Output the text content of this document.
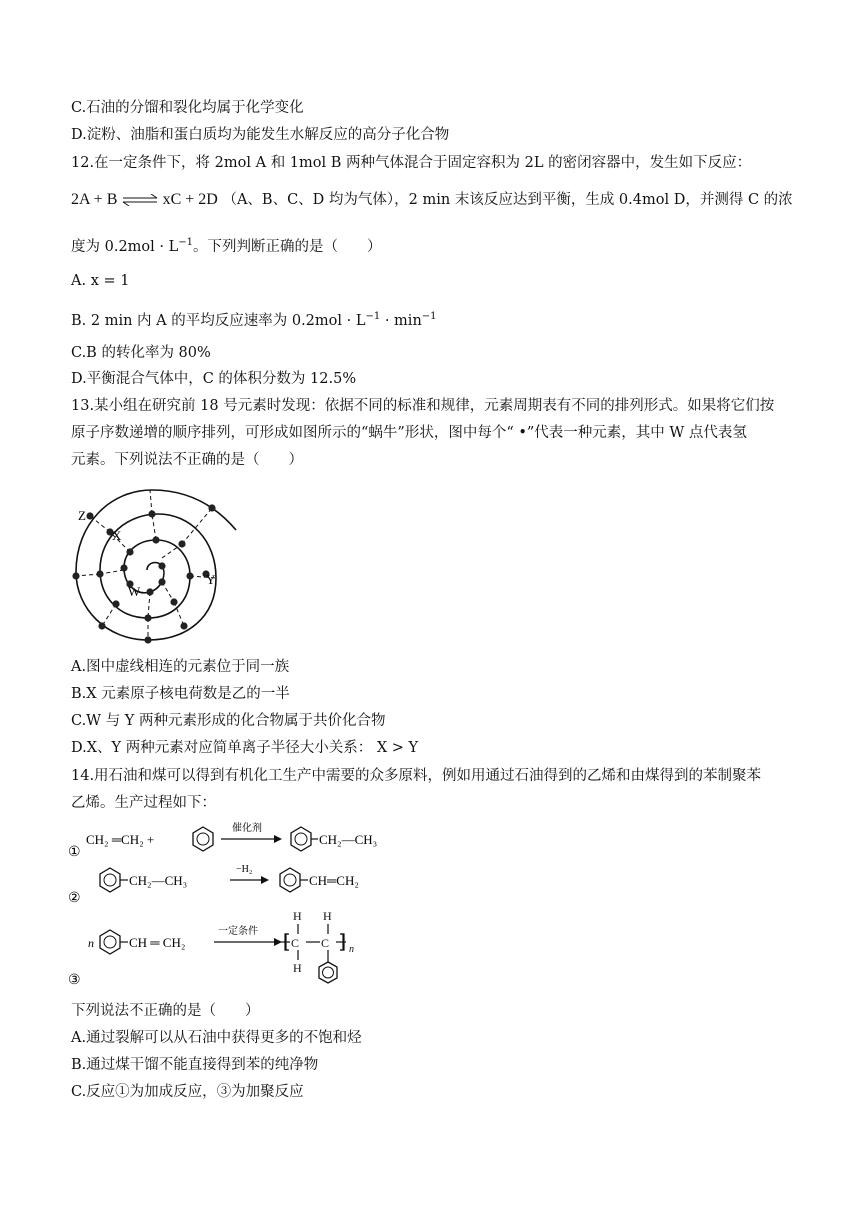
C.石油的分馏和裂化均属于化学变化
D.淀粉、油脂和蛋白质均为能发生水解反应的高分子化合物
12.在一定条件下，将 2mol A 和 1mol B 两种气体混合于固定容积为 2L 的密闭容器中，发生如下反应：
2A + B ⇌ xC + 2D （A、B、C、D 均为气体），2 min 末该反应达到平衡，生成 0.4mol D，并测得 C 的浓
度为 $0.2mol \cdot L^{-1}$。下列判断正确的是（　　）
A. x = 1
B. 2 min 内 A 的平均反应速率为 $0.2mol \cdot L^{-1} \cdot \min^{-1}$
C.B 的转化率为 80%
D.平衡混合气体中，C 的体积分数为 12.5%
13.某小组在研究前 18 号元素时发现：依据不同的标准和规律，元素周期表有不同的排列形式。如果将它们按
原子序数递增的顺序排列，可形成如图所示的“蜗牛”形状，图中每个“ •”代表一种元素，其中 W 点代表氢
元素。下列说法不正确的是（　　）
Z
X
Y
W
A.图中虚线相连的元素位于同一族
B.X 元素原子核电荷数是乙的一半
C.W 与 Y 两种元素形成的化合物属于共价化合物
D.X、Y 两种元素对应简单离子半径大小关系： X > Y
14.用石油和煤可以得到有机化工生产中需要的众多原料，例如用通过石油得到的乙烯和由煤得到的苯制聚苯
乙烯。生产过程如下：
①
CH₂ ═CH₂ +
催化剂
CH₂—CH₃
②
CH₂—CH₃
−H₂
CH═CH₂
③
n	CH ═ CH₂
一定条件
H
C
H
H
C n
下列说法不正确的是（　　）
A.通过裂解可以从石油中获得更多的不饱和烃
B.通过煤干馏不能直接得到苯的纯净物
C.反应①为加成反应，③为加聚反应
